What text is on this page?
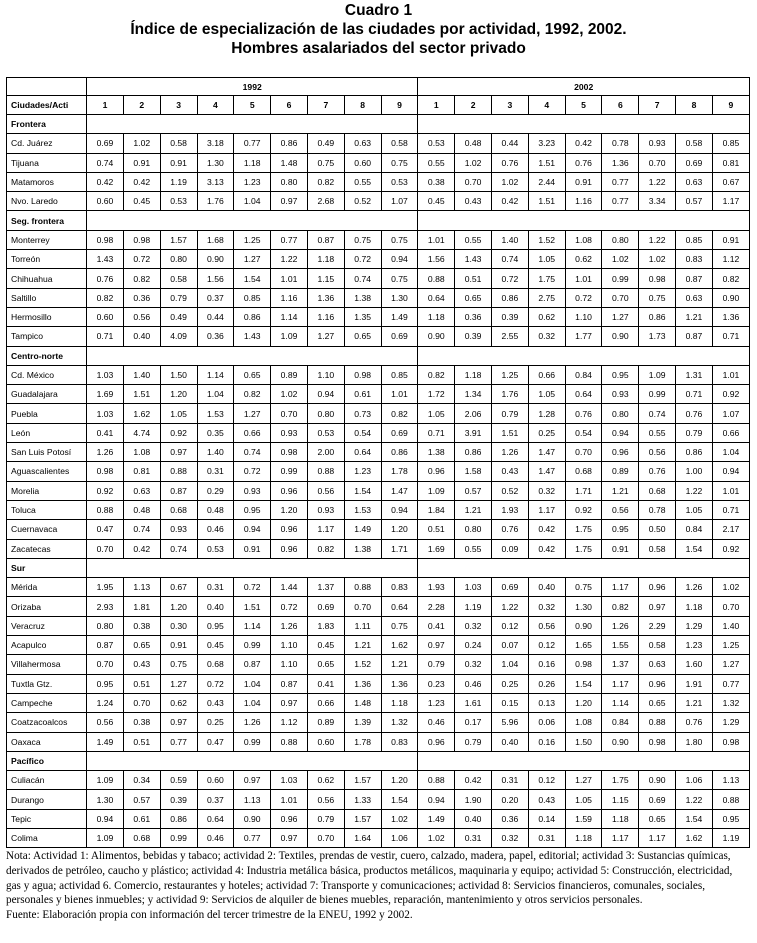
Cuadro 1
Índice de especialización de las ciudades por actividad, 1992, 2002.
Hombres asalariados del sector privado
	1992									2002								
Ciudades/Acti	1	2	3	4	5	6	7	8	9	1	2	3	4	5	6	7	8	9
Frontera																		
Cd. Juárez	0.69	1.02	0.58	3.18	0.77	0.86	0.49	0.63	0.58	0.53	0.48	0.44	3.23	0.42	0.78	0.93	0.58	0.85
Tijuana	0.74	0.91	0.91	1.30	1.18	1.48	0.75	0.60	0.75	0.55	1.02	0.76	1.51	0.76	1.36	0.70	0.69	0.81
Matamoros	0.42	0.42	1.19	3.13	1.23	0.80	0.82	0.55	0.53	0.38	0.70	1.02	2.44	0.91	0.77	1.22	0.63	0.67
Nvo. Laredo	0.60	0.45	0.53	1.76	1.04	0.97	2.68	0.52	1.07	0.45	0.43	0.42	1.51	1.16	0.77	3.34	0.57	1.17
Seg. frontera																		
Monterrey	0.98	0.98	1.57	1.68	1.25	0.77	0.87	0.75	0.75	1.01	0.55	1.40	1.52	1.08	0.80	1.22	0.85	0.91
Torreón	1.43	0.72	0.80	0.90	1.27	1.22	1.18	0.72	0.94	1.56	1.43	0.74	1.05	0.62	1.02	1.02	0.83	1.12
Chihuahua	0.76	0.82	0.58	1.56	1.54	1.01	1.15	0.74	0.75	0.88	0.51	0.72	1.75	1.01	0.99	0.98	0.87	0.82
Saltillo	0.82	0.36	0.79	0.37	0.85	1.16	1.36	1.38	1.30	0.64	0.65	0.86	2.75	0.72	0.70	0.75	0.63	0.90
Hermosillo	0.60	0.56	0.49	0.44	0.86	1.14	1.16	1.35	1.49	1.18	0.36	0.39	0.62	1.10	1.27	0.86	1.21	1.36
Tampico	0.71	0.40	4.09	0.36	1.43	1.09	1.27	0.65	0.69	0.90	0.39	2.55	0.32	1.77	0.90	1.73	0.87	0.71
Centro-norte																		
Cd. México	1.03	1.40	1.50	1.14	0.65	0.89	1.10	0.98	0.85	0.82	1.18	1.25	0.66	0.84	0.95	1.09	1.31	1.01
Guadalajara	1.69	1.51	1.20	1.04	0.82	1.02	0.94	0.61	1.01	1.72	1.34	1.76	1.05	0.64	0.93	0.99	0.71	0.92
Puebla	1.03	1.62	1.05	1.53	1.27	0.70	0.80	0.73	0.82	1.05	2.06	0.79	1.28	0.76	0.80	0.74	0.76	1.07
León	0.41	4.74	0.92	0.35	0.66	0.93	0.53	0.54	0.69	0.71	3.91	1.51	0.25	0.54	0.94	0.55	0.79	0.66
San Luis Potosí	1.26	1.08	0.97	1.40	0.74	0.98	2.00	0.64	0.86	1.38	0.86	1.26	1.47	0.70	0.96	0.56	0.86	1.04
Aguascalientes	0.98	0.81	0.88	0.31	0.72	0.99	0.88	1.23	1.78	0.96	1.58	0.43	1.47	0.68	0.89	0.76	1.00	0.94
Morelia	0.92	0.63	0.87	0.29	0.93	0.96	0.56	1.54	1.47	1.09	0.57	0.52	0.32	1.71	1.21	0.68	1.22	1.01
Toluca	0.88	0.48	0.68	0.48	0.95	1.20	0.93	1.53	0.94	1.84	1.21	1.93	1.17	0.92	0.56	0.78	1.05	0.71
Cuernavaca	0.47	0.74	0.93	0.46	0.94	0.96	1.17	1.49	1.20	0.51	0.80	0.76	0.42	1.75	0.95	0.50	0.84	2.17
Zacatecas	0.70	0.42	0.74	0.53	0.91	0.96	0.82	1.38	1.71	1.69	0.55	0.09	0.42	1.75	0.91	0.58	1.54	0.92
Sur																		
Mérida	1.95	1.13	0.67	0.31	0.72	1.44	1.37	0.88	0.83	1.93	1.03	0.69	0.40	0.75	1.17	0.96	1.26	1.02
Orizaba	2.93	1.81	1.20	0.40	1.51	0.72	0.69	0.70	0.64	2.28	1.19	1.22	0.32	1.30	0.82	0.97	1.18	0.70
Veracruz	0.80	0.38	0.30	0.95	1.14	1.26	1.83	1.11	0.75	0.41	0.32	0.12	0.56	0.90	1.26	2.29	1.29	1.40
Acapulco	0.87	0.65	0.91	0.45	0.99	1.10	0.45	1.21	1.62	0.97	0.24	0.07	0.12	1.65	1.55	0.58	1.23	1.25
Villahermosa	0.70	0.43	0.75	0.68	0.87	1.10	0.65	1.52	1.21	0.79	0.32	1.04	0.16	0.98	1.37	0.63	1.60	1.27
Tuxtla Gtz.	0.95	0.51	1.27	0.72	1.04	0.87	0.41	1.36	1.36	0.23	0.46	0.25	0.26	1.54	1.17	0.96	1.91	0.77
Campeche	1.24	0.70	0.62	0.43	1.04	0.97	0.66	1.48	1.18	1.23	1.61	0.15	0.13	1.20	1.14	0.65	1.21	1.32
Coatzacoalcos	0.56	0.38	0.97	0.25	1.26	1.12	0.89	1.39	1.32	0.46	0.17	5.96	0.06	1.08	0.84	0.88	0.76	1.29
Oaxaca	1.49	0.51	0.77	0.47	0.99	0.88	0.60	1.78	0.83	0.96	0.79	0.40	0.16	1.50	0.90	0.98	1.80	0.98
Pacífico																		
Culiacán	1.09	0.34	0.59	0.60	0.97	1.03	0.62	1.57	1.20	0.88	0.42	0.31	0.12	1.27	1.75	0.90	1.06	1.13
Durango	1.30	0.57	0.39	0.37	1.13	1.01	0.56	1.33	1.54	0.94	1.90	0.20	0.43	1.05	1.15	0.69	1.22	0.88
Tepic	0.94	0.61	0.86	0.64	0.90	0.96	0.79	1.57	1.02	1.49	0.40	0.36	0.14	1.59	1.18	0.65	1.54	0.95
Colima	1.09	0.68	0.99	0.46	0.77	0.97	0.70	1.64	1.06	1.02	0.31	0.32	0.31	1.18	1.17	1.17	1.62	1.19
Nota: Actividad 1: Alimentos, bebidas y tabaco; actividad 2: Textiles, prendas de vestir, cuero, calzado, madera, papel, editorial; actividad 3: Sustancias químicas, derivados de petróleo, caucho y plástico; actividad 4: Industria metálica básica, productos metálicos, maquinaria y equipo; actividad 5: Construcción, electricidad, gas y agua; actividad 6. Comercio, restaurantes y hoteles; actividad 7: Transporte y comunicaciones; actividad 8: Servicios financieros, comunales, sociales, personales y bienes inmuebles; y actividad 9: Servicios de alquiler de bienes muebles, reparación, mantenimiento y otros servicios personales.
Fuente: Elaboración propia con información del tercer trimestre de la ENEU, 1992 y 2002.
